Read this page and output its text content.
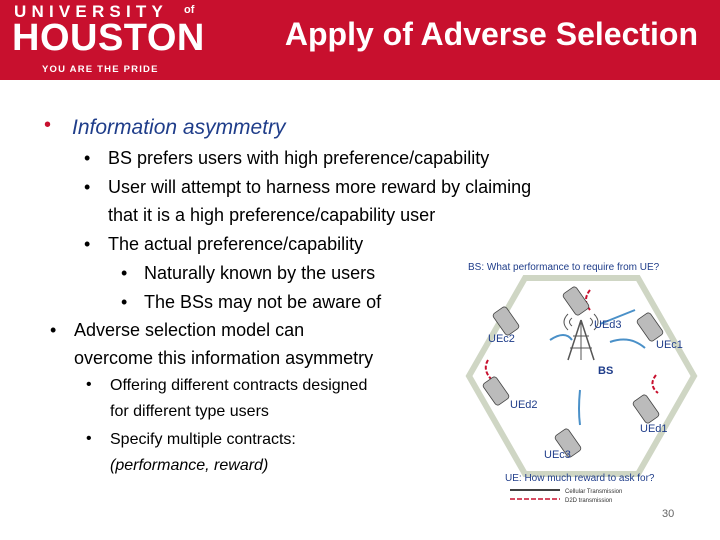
UNIVERSITY of
HOUSTON
YOU ARE THE PRIDE
Apply of Adverse Selection
• Information asymmetry
• BS prefers users with high preference/capability
• User will attempt to harness more reward by claiming
that it is a high preference/capability user
• The actual preference/capability
• Naturally known by the users
• The BSs may not be aware of
• Adverse selection model can
overcome this information asymmetry
• Offering different contracts designed
for different type users
• Specify multiple contracts:
(performance, reward)
BS: What performance to require from UE?
UE: How much reward to ask for?
Cellular Transmission
D2D transmission
BS
UEd3
UEc2	UEc1
UEd2
UEd1
UEc3
30
